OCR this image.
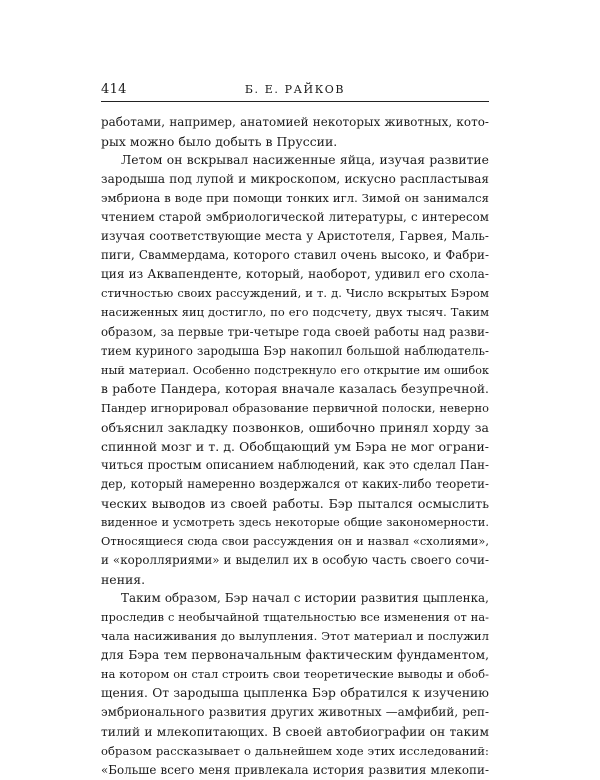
414	Б. Е. РАЙКОВ
работами, например, анатомией некоторых животных, кото-
рых можно было добыть в Пруссии.
Летом он вскрывал насиженные яйца, изучая развитие
зародыша под лупой и микроскопом, искусно распластывая
эмбриона в воде при помощи тонких игл. Зимой он занимался
чтением старой эмбриологической литературы, с интересом
изучая соответствующие места у Аристотеля, Гарвея, Маль-
пиги, Сваммердама, которого ставил очень высоко, и Фабри-
ция из Аквапенденте, который, наоборот, удивил его схола-
стичностью своих рассуждений, и т. д. Число вскрытых Бэром
насиженных яиц достигло, по его подсчету, двух тысяч. Таким
образом, за первые три-четыре года своей работы над разви-
тием куриного зародыша Бэр накопил большой наблюдатель-
ный материал. Особенно подстрекнуло его открытие им ошибок
в работе Пандера, которая вначале казалась безупречной.
Пандер игнорировал образование первичной полоски, неверно
объяснил закладку позвонков, ошибочно принял хорду за
спинной мозг и т. д. Обобщающий ум Бэра не мог ограни-
читься простым описанием наблюдений, как это сделал Пан-
дер, который намеренно воздержался от каких-либо теорети-
ческих выводов из своей работы. Бэр пытался осмыслить
виденное и усмотреть здесь некоторые общие закономерности.
Относящиеся сюда свои рассуждения он и назвал «схолиями»,
и «королляриями» и выделил их в особую часть своего сочи-
нения.
Таким образом, Бэр начал с истории развития цыпленка,
проследив с необычайной тщательностью все изменения от на-
чала насиживания до вылупления. Этот материал и послужил
для Бэра тем первоначальным фактическим фундаментом,
на котором он стал строить свои теоретические выводы и обоб-
щения. От зародыша цыпленка Бэр обратился к изучению
эмбрионального развития других животных —амфибий, реп-
тилий и млекопитающих. В своей автобиографии он таким
образом рассказывает о дальнейшем ходе этих исследований:
«Больше всего меня привлекала история развития млекопи-
